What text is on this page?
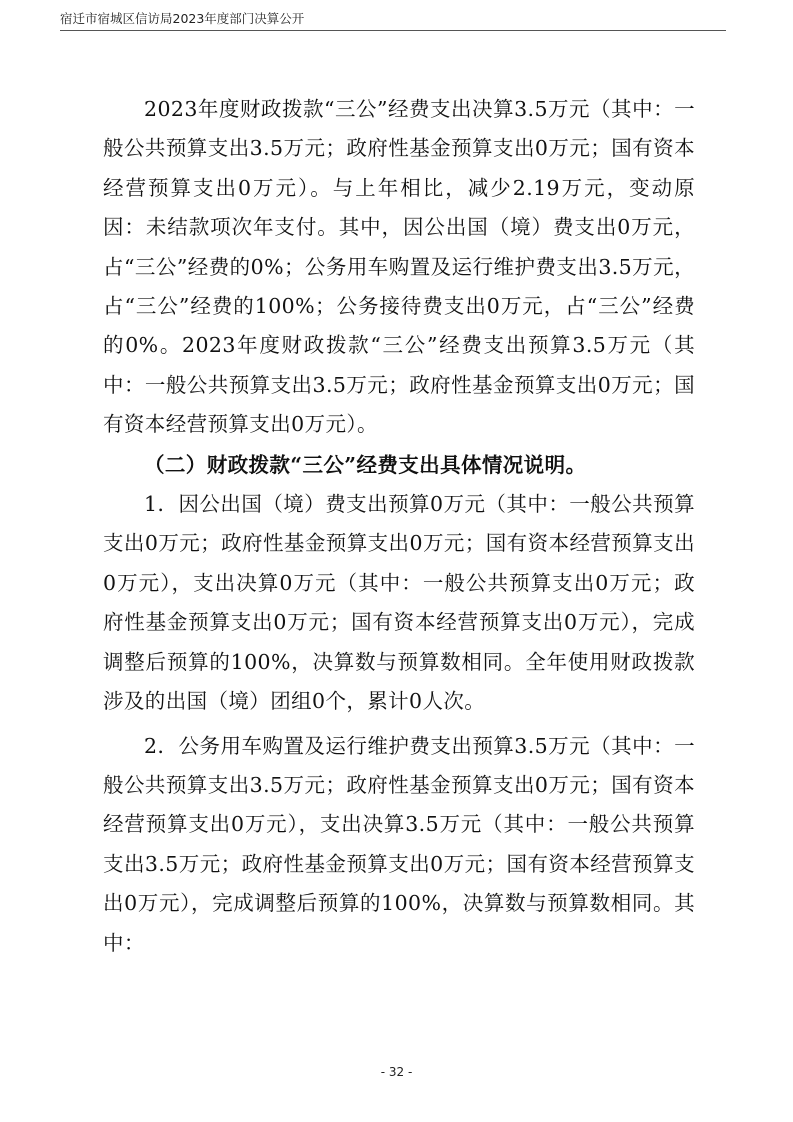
宿迁市宿城区信访局2023年度部门决算公开

2023年度财政拨款“三公”经费支出决算3.5万元（其中：一般公共预算支出3.5万元；政府性基金预算支出0万元；国有资本经营预算支出0万元）。与上年相比，减少2.19万元，变动原因：未结款项次年支付。其中，因公出国（境）费支出0万元，占“三公”经费的0%；公务用车购置及运行维护费支出3.5万元，占“三公”经费的100%；公务接待费支出0万元，占“三公”经费的0%。2023年度财政拨款“三公”经费支出预算3.5万元（其中：一般公共预算支出3.5万元；政府性基金预算支出0万元；国有资本经营预算支出0万元）。

（二）财政拨款“三公”经费支出具体情况说明。

1．因公出国（境）费支出预算0万元（其中：一般公共预算支出0万元；政府性基金预算支出0万元；国有资本经营预算支出0万元），支出决算0万元（其中：一般公共预算支出0万元；政府性基金预算支出0万元；国有资本经营预算支出0万元），完成调整后预算的100%，决算数与预算数相同。全年使用财政拨款涉及的出国（境）团组0个，累计0人次。

2．公务用车购置及运行维护费支出预算3.5万元（其中：一般公共预算支出3.5万元；政府性基金预算支出0万元；国有资本经营预算支出0万元），支出决算3.5万元（其中：一般公共预算支出3.5万元；政府性基金预算支出0万元；国有资本经营预算支出0万元），完成调整后预算的100%，决算数与预算数相同。其中：

- 32 -
